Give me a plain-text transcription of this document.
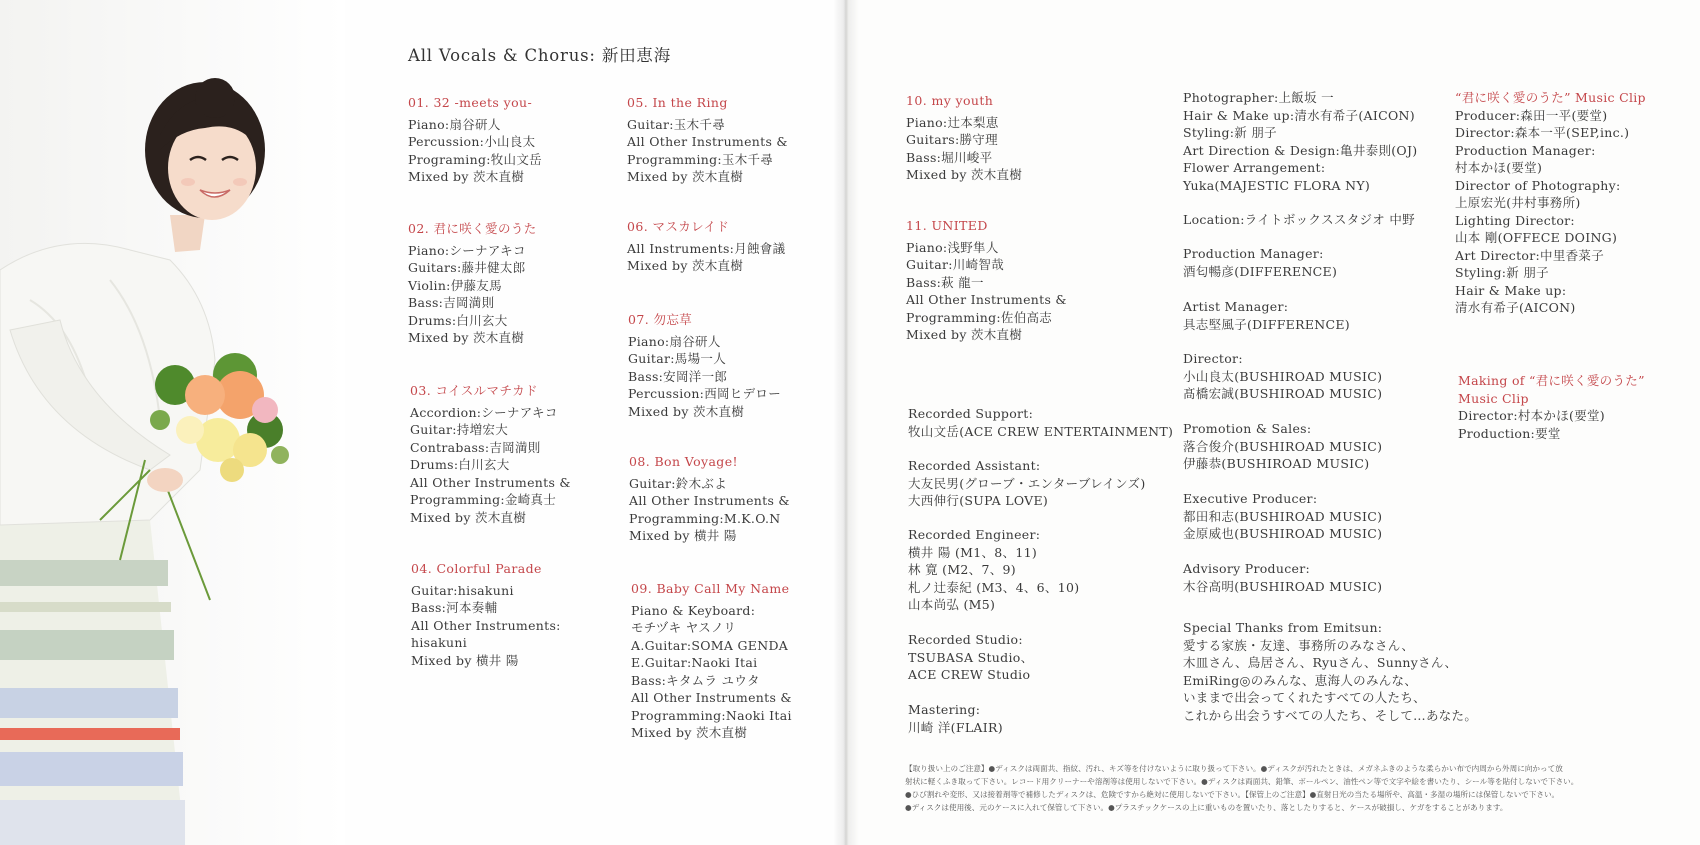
All Vocals & Chorus: 新田恵海
01. 32 -meets you-
Piano:扇谷研人
Percussion:小山良太
Programing:牧山文岳
Mixed by 茨木直樹
02. 君に咲く愛のうた
Piano:シーナアキコ
Guitars:藤井健太郎
Violin:伊藤友馬
Bass:吉岡満則
Drums:白川玄大
Mixed by 茨木直樹
03. コイスルマチカド
Accordion:シーナアキコ
Guitar:持増宏大
Contrabass:吉岡満則
Drums:白川玄大
All Other Instruments &
Programming:金崎真士
Mixed by 茨木直樹
04. Colorful Parade
Guitar:hisakuni
Bass:河本奏輔
All Other Instruments:
hisakuni
Mixed by 横井 陽
05. In the Ring
Guitar:玉木千尋
All Other Instruments &
Programming:玉木千尋
Mixed by 茨木直樹
06. マスカレイド
All Instruments:月蝕會議
Mixed by 茨木直樹
07. 勿忘草
Piano:扇谷研人
Guitar:馬場一人
Bass:安岡洋一郎
Percussion:西岡ヒデロー
Mixed by 茨木直樹
08. Bon Voyage!
Guitar:鈴木ぶよ
All Other Instruments &
Programming:M.K.O.N
Mixed by 横井 陽
09. Baby Call My Name
Piano & Keyboard:
モチヅキ ヤスノリ
A.Guitar:SOMA GENDA
E.Guitar:Naoki Itai
Bass:キタムラ ユウタ
All Other Instruments &
Programming:Naoki Itai
Mixed by 茨木直樹
10. my youth
Piano:辻本梨恵
Guitars:勝守理
Bass:堀川峻平
Mixed by 茨木直樹
11. UNITED
Piano:浅野隼人
Guitar:川崎智哉
Bass:萩 龍一
All Other Instruments &
Programming:佐伯高志
Mixed by 茨木直樹
Recorded Support:
牧山文岳(ACE CREW ENTERTAINMENT)
Recorded Assistant:
大友民男(グローブ・エンターブレインズ)
大西伸行(SUPA LOVE)
Recorded Engineer:
横井 陽 (M1、8、11)
林 寛 (M2、7、9)
札ノ辻泰紀 (M3、4、6、10)
山本尚弘 (M5)
Recorded Studio:
TSUBASA Studio、
ACE CREW Studio
Mastering:
川崎 洋(FLAIR)
Photographer:上飯坂 一
Hair & Make up:清水有希子(AICON)
Styling:新 朋子
Art Direction & Design:亀井泰則(OJ)
Flower Arrangement:
Yuka(MAJESTIC FLORA NY)
Location:ライトボックススタジオ 中野
Production Manager:
酒匂暢彦(DIFFERENCE)
Artist Manager:
具志堅風子(DIFFERENCE)
Director:
小山良太(BUSHIROAD MUSIC)
髙橋宏誠(BUSHIROAD MUSIC)
Promotion & Sales:
落合俊介(BUSHIROAD MUSIC)
伊藤恭(BUSHIROAD MUSIC)
Executive Producer:
都田和志(BUSHIROAD MUSIC)
金原威也(BUSHIROAD MUSIC)
Advisory Producer:
木谷高明(BUSHIROAD MUSIC)
Special Thanks from Emitsun:
愛する家族・友達、事務所のみなさん、
木皿さん、鳥居さん、Ryuさん、Sunnyさん、
EmiRing◎のみんな、恵海人のみんな、
いままで出会ってくれたすべての人たち、
これから出会うすべての人たち、そして…あなた。
“君に咲く愛のうた” Music Clip
Producer:森田一平(要堂)
Director:森本一平(SEP,inc.)
Production Manager:
村本かほ(要堂)
Director of Photography:
上原宏光(井村事務所)
Lighting Director:
山本 剛(OFFECE DOING)
Art Director:中里香菜子
Styling:新 朋子
Hair & Make up:
清水有希子(AICON)
Making of “君に咲く愛のうた”
Music Clip
Director:村本かほ(要堂)
Production:要堂
【取り扱い上のご注意】●ディスクは両面共、指紋、汚れ、キズ等を付けないように取り扱って下さい。●ディスクが汚れたときは、メガネふきのような柔らかい布で内周から外周に向かって放
射状に軽くふき取って下さい。レコード用クリーナーや溶剤等は使用しないで下さい。●ディスクは両面共、鉛筆、ボールペン、油性ペン等で文字や絵を書いたり、シール等を貼付しないで下さい。
●ひび割れや変形、又は接着剤等で補修したディスクは、危険ですから絶対に使用しないで下さい。【保管上のご注意】●直射日光の当たる場所や、高温・多湿の場所には保管しないで下さい。
●ディスクは使用後、元のケースに入れて保管して下さい。●プラスチックケースの上に重いものを置いたり、落としたりすると、ケースが破損し、ケガをすることがあります。
